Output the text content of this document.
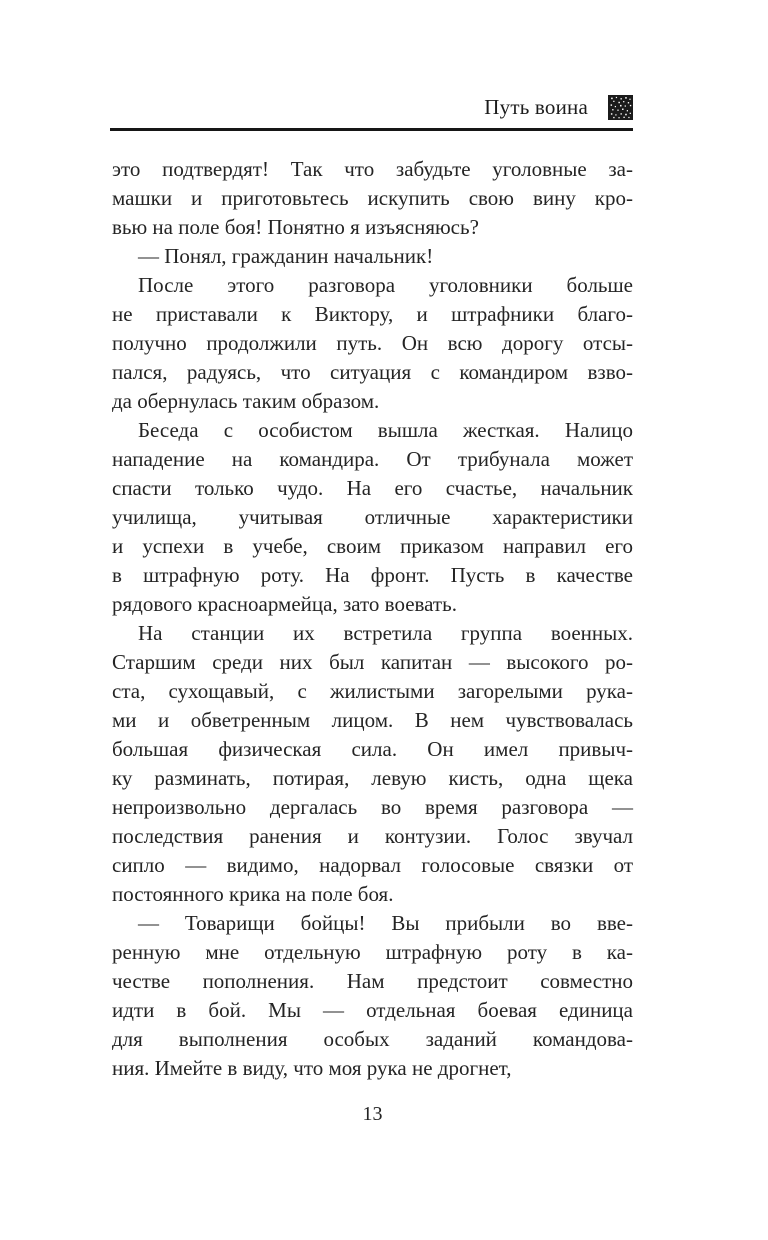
Путь воина
это подтвердят! Так что забудьте уголовные за-
машки и приготовьтесь искупить свою вину кро-
вью на поле боя! Понятно я изъясняюсь?
— Понял, гражданин начальник!
После этого разговора уголовники больше
не приставали к Виктору, и штрафники благо-
получно продолжили путь. Он всю дорогу отсы-
пался, радуясь, что ситуация с командиром взво-
да обернулась таким образом.
Беседа с особистом вышла жесткая. Налицо
нападение на командира. От трибунала может
спасти только чудо. На его счастье, начальник
училища, учитывая отличные характеристики
и успехи в учебе, своим приказом направил его
в штрафную роту. На фронт. Пусть в качестве
рядового красноармейца, зато воевать.
На станции их встретила группа военных.
Старшим среди них был капитан — высокого ро-
ста, сухощавый, с жилистыми загорелыми рука-
ми и обветренным лицом. В нем чувствовалась
большая физическая сила. Он имел привыч-
ку разминать, потирая, левую кисть, одна щека
непроизвольно дергалась во время разговора —
последствия ранения и контузии. Голос звучал
сипло — видимо, надорвал голосовые связки от
постоянного крика на поле боя.
— Товарищи бойцы! Вы прибыли во вве-
ренную мне отдельную штрафную роту в ка-
честве пополнения. Нам предстоит совместно
идти в бой. Мы — отдельная боевая единица
для выполнения особых заданий командова-
ния. Имейте в виду, что моя рука не дрогнет,
13
